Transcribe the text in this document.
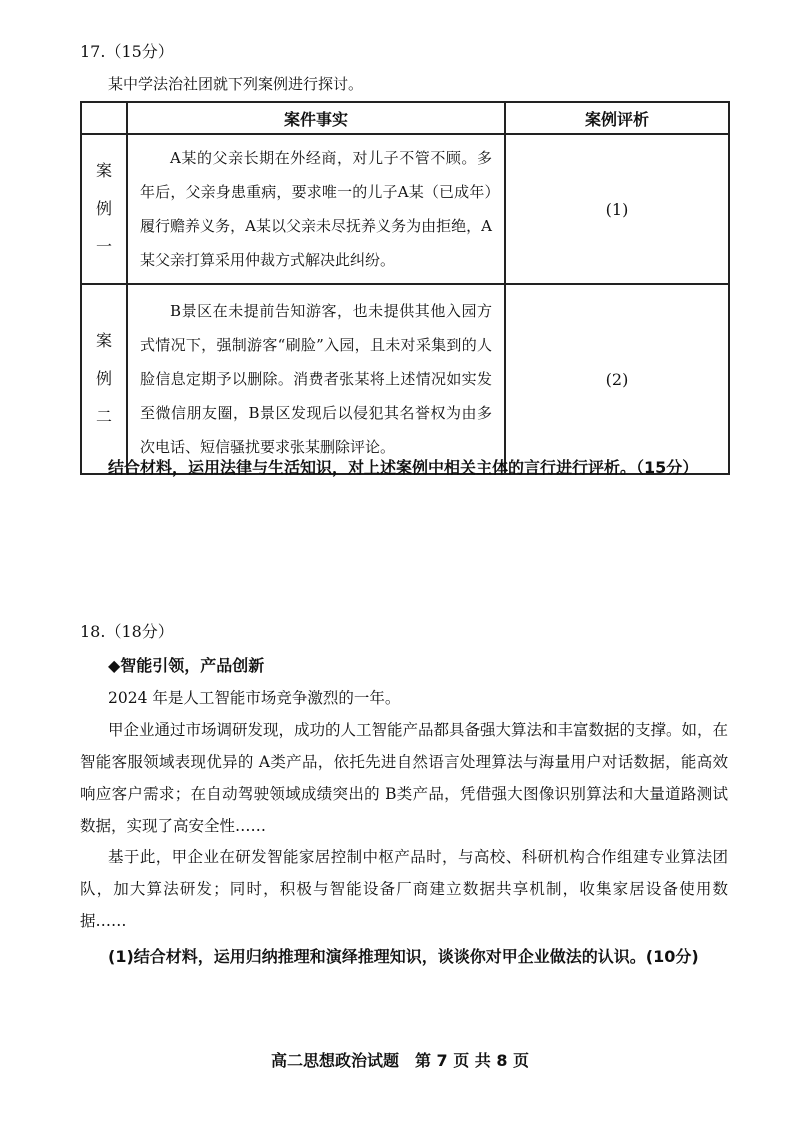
17.（15分）
某中学法治社团就下列案例进行探讨。
	案件事实	案例评析

案
例
一	A某的父亲长期在外经商，对儿子不管不顾。多年后，父亲身患重病，要求唯一的儿子A某（已成年）履行赡养义务，A某以父亲未尽抚养义务为由拒绝，A某父亲打算采用仲裁方式解决此纠纷。	(1)

案
例
二	B景区在未提前告知游客，也未提供其他入园方式情况下，强制游客“刷脸”入园，且未对采集到的人脸信息定期予以删除。消费者张某将上述情况如实发至微信朋友圈，B景区发现后以侵犯其名誉权为由多次电话、短信骚扰要求张某删除评论。	(2)
结合材料，运用法律与生活知识，对上述案例中相关主体的言行进行评析。（15分）
18.（18分）
◆智能引领，产品创新
2024 年是人工智能市场竞争激烈的一年。
甲企业通过市场调研发现，成功的人工智能产品都具备强大算法和丰富数据的支撑。如，在智能客服领域表现优异的 A类产品，依托先进自然语言处理算法与海量用户对话数据，能高效响应客户需求；在自动驾驶领域成绩突出的 B类产品，凭借强大图像识别算法和大量道路测试数据，实现了高安全性……
基于此，甲企业在研发智能家居控制中枢产品时，与高校、科研机构合作组建专业算法团队，加大算法研发；同时，积极与智能设备厂商建立数据共享机制，收集家居设备使用数据……
(1)结合材料，运用归纳推理和演绎推理知识，谈谈你对甲企业做法的认识。(10分)
高二思想政治试题　第 7 页 共 8 页
